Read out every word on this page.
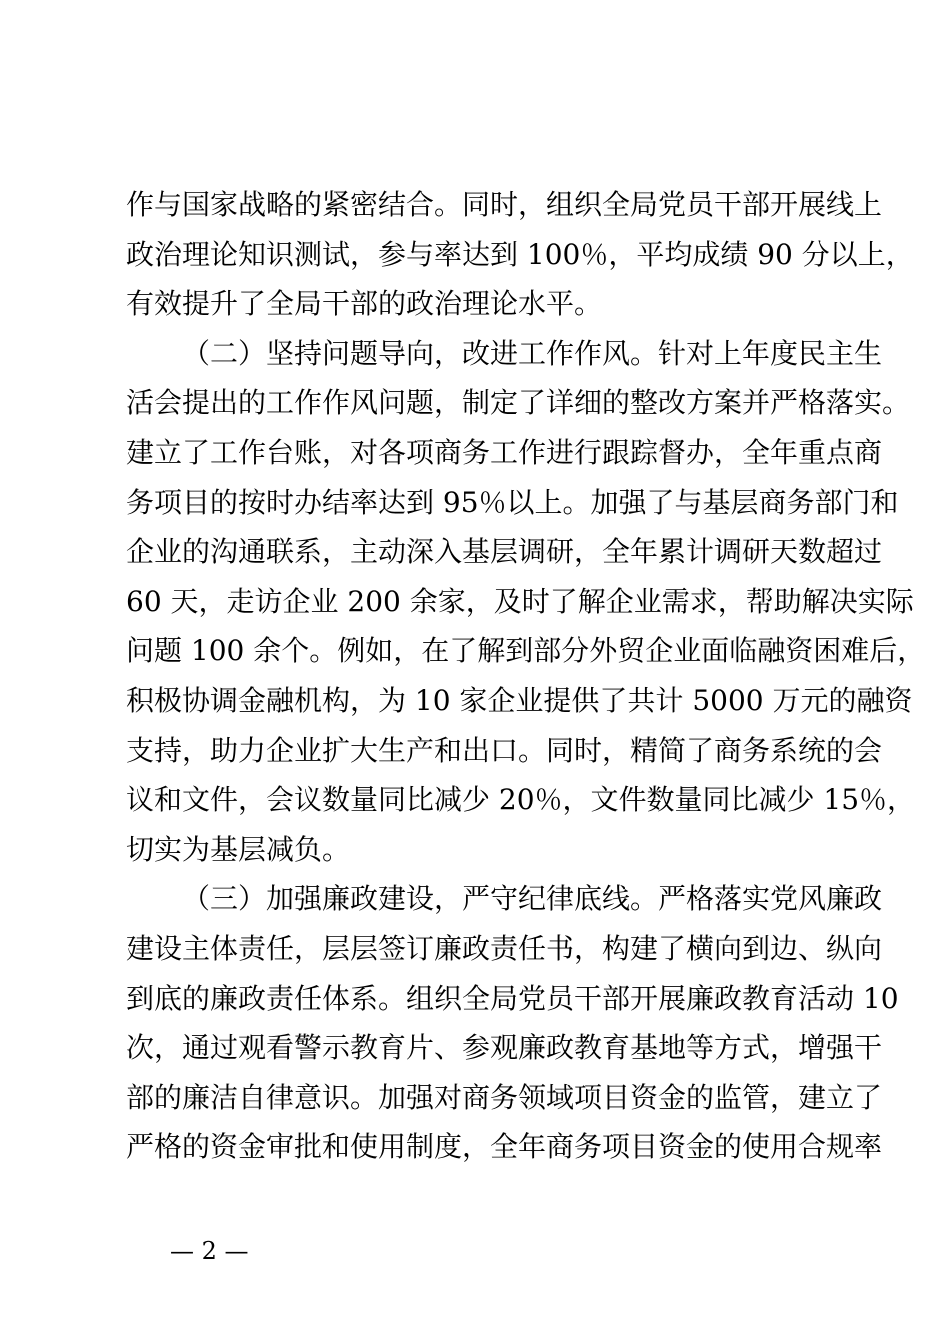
作与国家战略的紧密结合。同时，组织全局党员干部开展线上
政治理论知识测试，参与率达到 100％，平均成绩 90 分以上，
有效提升了全局干部的政治理论水平。
（二）坚持问题导向，改进工作作风。针对上年度民主生
活会提出的工作作风问题，制定了详细的整改方案并严格落实。
建立了工作台账，对各项商务工作进行跟踪督办，全年重点商
务项目的按时办结率达到 95％以上。加强了与基层商务部门和
企业的沟通联系，主动深入基层调研，全年累计调研天数超过
60 天，走访企业 200 余家，及时了解企业需求，帮助解决实际
问题 100 余个。例如，在了解到部分外贸企业面临融资困难后，
积极协调金融机构，为 10 家企业提供了共计 5000 万元的融资
支持，助力企业扩大生产和出口。同时，精简了商务系统的会
议和文件，会议数量同比减少 20％，文件数量同比减少 15％，
切实为基层减负。
（三）加强廉政建设，严守纪律底线。严格落实党风廉政
建设主体责任，层层签订廉政责任书，构建了横向到边、纵向
到底的廉政责任体系。组织全局党员干部开展廉政教育活动 10
次，通过观看警示教育片、参观廉政教育基地等方式，增强干
部的廉洁自律意识。加强对商务领域项目资金的监管，建立了
严格的资金审批和使用制度，全年商务项目资金的使用合规率
— 2 —
